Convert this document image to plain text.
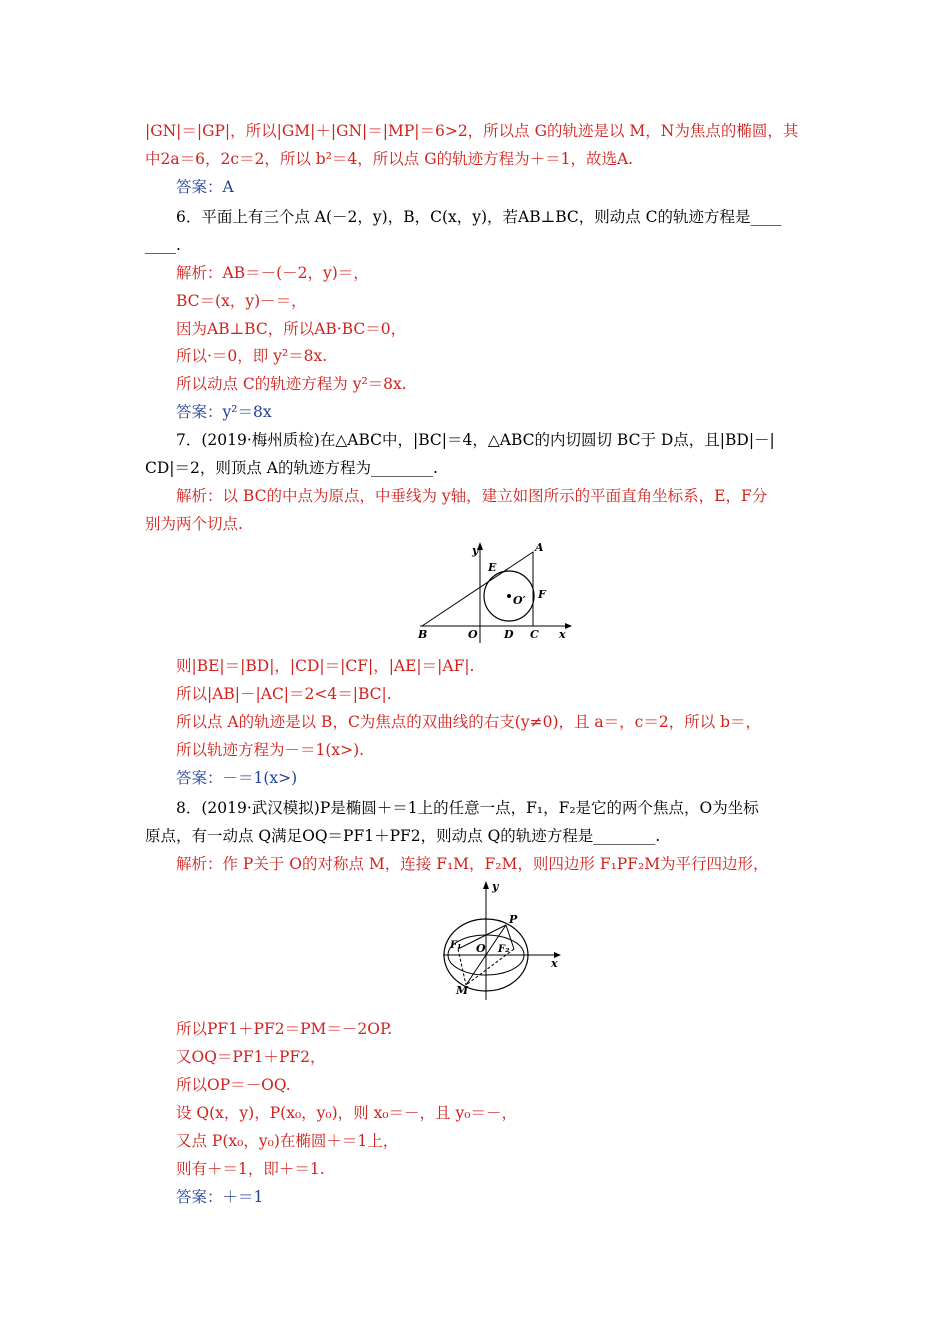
|GN|＝|GP|，所以|GM|＋|GN|＝|MP|＝6>2，所以点 G的轨迹是以 M，N为焦点的椭圆，其
中2a＝6，2c＝2，所以 b²＝4，所以点 G的轨迹方程为＋＝1，故选A.
答案：A
6．平面上有三个点 A(－2，y)，B，C(x，y)，若AB⊥BC，则动点 C的轨迹方程是____
____.
解析：AB＝－(－2，y)＝，
BC＝(x，y)－＝，
因为AB⊥BC，所以AB·BC＝0，
所以·＝0，即 y²＝8x.
所以动点 C的轨迹方程为 y²＝8x.
答案：y²＝8x
7．(2019·梅州质检)在△ABC中，|BC|＝4，△ABC的内切圆切 BC于 D点，且|BD|－|
CD|＝2，则顶点 A的轨迹方程为________.
解析：以 BC的中点为原点，中垂线为 y轴，建立如图所示的平面直角坐标系，E，F分
别为两个切点.
y
x
A
E
F
O′
B	O D C
则|BE|＝|BD|，|CD|＝|CF|，|AE|＝|AF|.
所以|AB|－|AC|＝2<4＝|BC|.
所以点 A的轨迹是以 B，C为焦点的双曲线的右支(y≠0)，且 a＝，c＝2，所以 b＝，
所以轨迹方程为－＝1(x>).
答案：－＝1(x>)
8．(2019·武汉模拟)P是椭圆＋＝1上的任意一点，F₁，F₂是它的两个焦点，O为坐标
原点，有一动点 Q满足OQ＝PF1＋PF2，则动点 Q的轨迹方程是________.
解析：作 P关于 O的对称点 M，连接 F₁M，F₂M，则四边形 F₁PF₂M为平行四边形，
P
F₁ O F₂
M
y
x
所以PF1＋PF2＝PM＝－2OP.
又OQ＝PF1＋PF2，
所以OP＝－OQ.
设 Q(x，y)，P(x₀，y₀)，则 x₀＝－，且 y₀＝－，
又点 P(x₀，y₀)在椭圆＋＝1上，
则有＋＝1，即＋＝1.
答案：＋＝1
